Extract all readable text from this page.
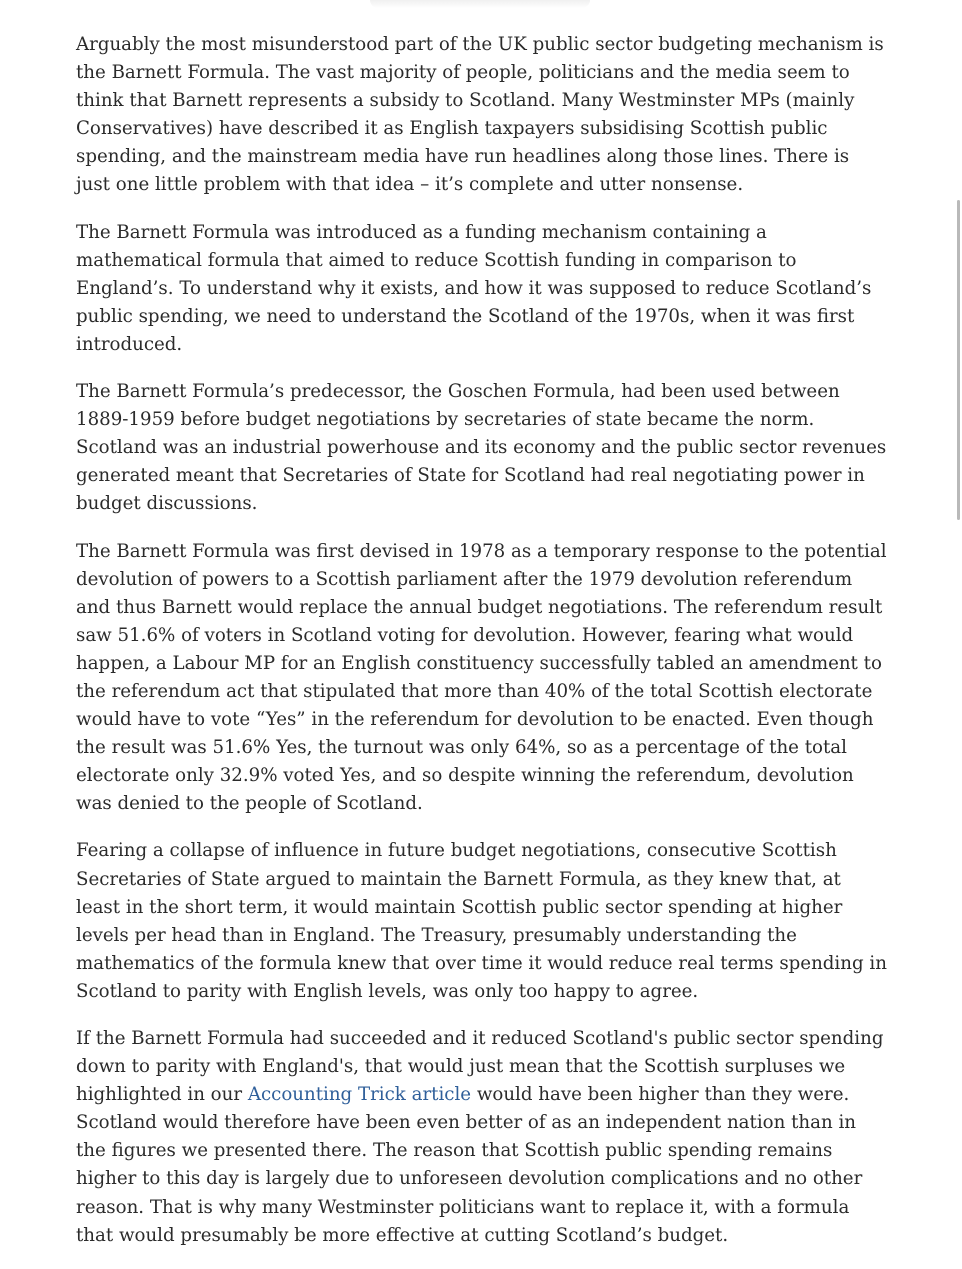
Arguably the most misunderstood part of the UK public sector budgeting mechanism is the Barnett Formula. The vast majority of people, politicians and the media seem to think that Barnett represents a subsidy to Scotland. Many Westminster MPs (mainly Conservatives) have described it as English taxpayers subsidising Scottish public spending, and the mainstream media have run headlines along those lines. There is just one little problem with that idea – it’s complete and utter nonsense.

The Barnett Formula was introduced as a funding mechanism containing a mathematical formula that aimed to reduce Scottish funding in comparison to England’s. To understand why it exists, and how it was supposed to reduce Scotland’s public spending, we need to understand the Scotland of the 1970s, when it was first introduced.

The Barnett Formula’s predecessor, the Goschen Formula, had been used between 1889-1959 before budget negotiations by secretaries of state became the norm. Scotland was an industrial powerhouse and its economy and the public sector revenues generated meant that Secretaries of State for Scotland had real negotiating power in budget discussions.

The Barnett Formula was first devised in 1978 as a temporary response to the potential devolution of powers to a Scottish parliament after the 1979 devolution referendum and thus Barnett would replace the annual budget negotiations. The referendum result saw 51.6% of voters in Scotland voting for devolution. However, fearing what would happen, a Labour MP for an English constituency successfully tabled an amendment to the referendum act that stipulated that more than 40% of the total Scottish electorate would have to vote “Yes” in the referendum for devolution to be enacted. Even though the result was 51.6% Yes, the turnout was only 64%, so as a percentage of the total electorate only 32.9% voted Yes, and so despite winning the referendum, devolution was denied to the people of Scotland.

Fearing a collapse of influence in future budget negotiations, consecutive Scottish Secretaries of State argued to maintain the Barnett Formula, as they knew that, at least in the short term, it would maintain Scottish public sector spending at higher levels per head than in England. The Treasury, presumably understanding the mathematics of the formula knew that over time it would reduce real terms spending in Scotland to parity with English levels, was only too happy to agree.

If the Barnett Formula had succeeded and it reduced Scotland's public sector spending down to parity with England's, that would just mean that the Scottish surpluses we highlighted in our Accounting Trick article would have been higher than they were. Scotland would therefore have been even better of as an independent nation than in the figures we presented there. The reason that Scottish public spending remains higher to this day is largely due to unforeseen devolution complications and no other reason. That is why many Westminster politicians want to replace it, with a formula that would presumably be more effective at cutting Scotland’s budget.
